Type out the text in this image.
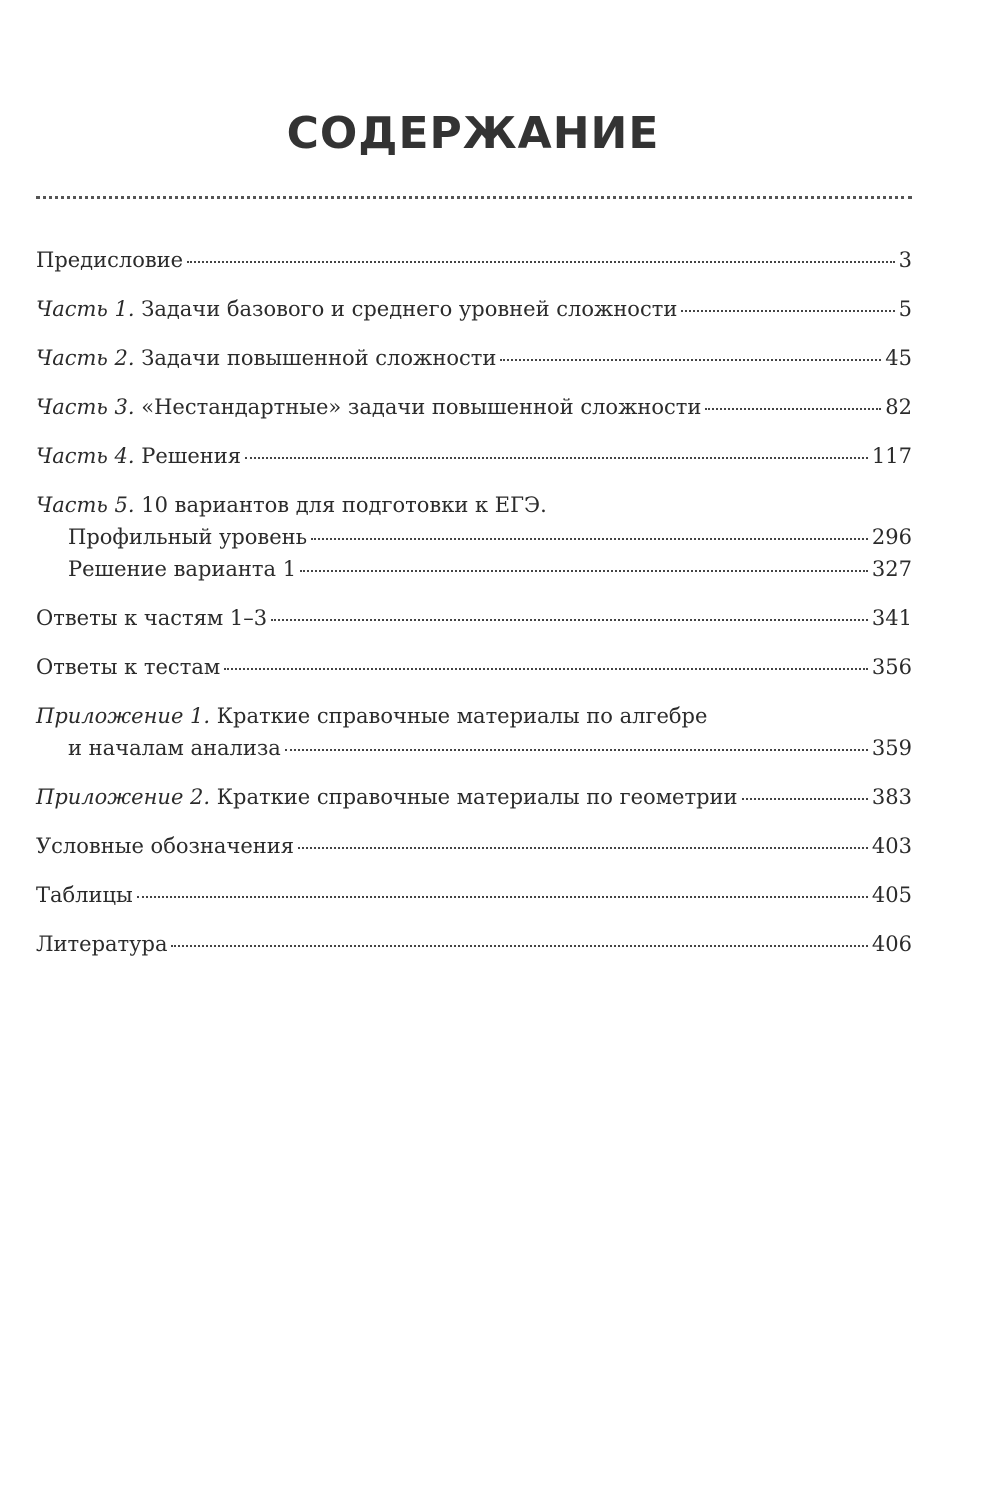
СОДЕРЖАНИЕ
Предисловие	3
Часть 1. Задачи базового и среднего уровней сложности	5
Часть 2. Задачи повышенной сложности	45
Часть 3. «Нестандартные» задачи повышенной сложности	82
Часть 4. Решения	117
Часть 5. 10 вариантов для подготовки к ЕГЭ.
Профильный уровень	296
Решение варианта 1	327
Ответы к частям 1–3	341
Ответы к тестам	356
Приложение 1. Краткие справочные материалы по алгебре
и началам анализа	359
Приложение 2. Краткие справочные материалы по геометрии	383
Условные обозначения	403
Таблицы	405
Литература	406
